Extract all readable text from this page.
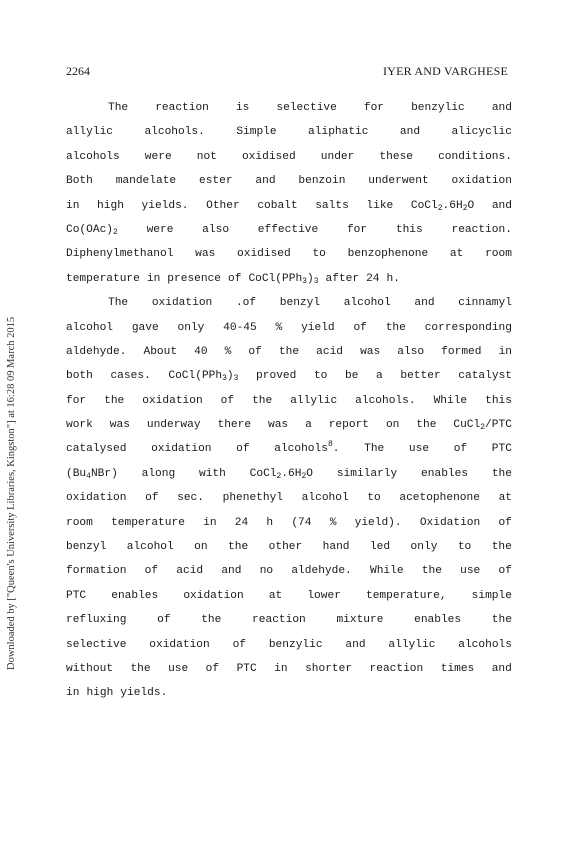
2264	IYER AND VARGHESE
Downloaded by ["Queen's University Libraries, Kingston"] at 16:28 09 March 2015
The reaction is selective for benzylic and
allylic	alcohols.	Simple	aliphatic	and	alicyclic
alcohols were not oxidised under these conditions.
Both mandelate ester and benzoin underwent oxidation
in high yields. Other cobalt salts like $CoCl_2.6H_2O$ and
$Co(OAc)_2$	were	also	effective	for	this	reaction.
Diphenylmethanol was oxidised to benzophenone at room
temperature in presence of $CoCl(PPh_3)_3$ after 24 h.
The oxidation .of benzyl alcohol and cinnamyl
alcohol gave only 40-45 % yield of the corresponding
aldehyde. About 40 % of the acid was also formed in
both cases. $CoCl(PPh_3)_3$ proved to be a better catalyst
for the oxidation of the allylic alcohols. While this
work was underway there was a report on the CuCl$_2$/PTC
catalysed oxidation of alcohols$^8$. The use of PTC
$(Bu_4NBr)$ along with $CoCl_2.6H_2O$ similarly enables the
oxidation of sec. phenethyl alcohol to acetophenone at
room temperature in 24 h (74 % yield). Oxidation of
benzyl alcohol on the other hand led only to the
formation of acid and no aldehyde. While the use of
PTC enables oxidation at lower temperature, simple
refluxing	of	the	reaction	mixture	enables	the
selective oxidation of benzylic and allylic alcohols
without the use of PTC in shorter reaction times and
in high yields.
